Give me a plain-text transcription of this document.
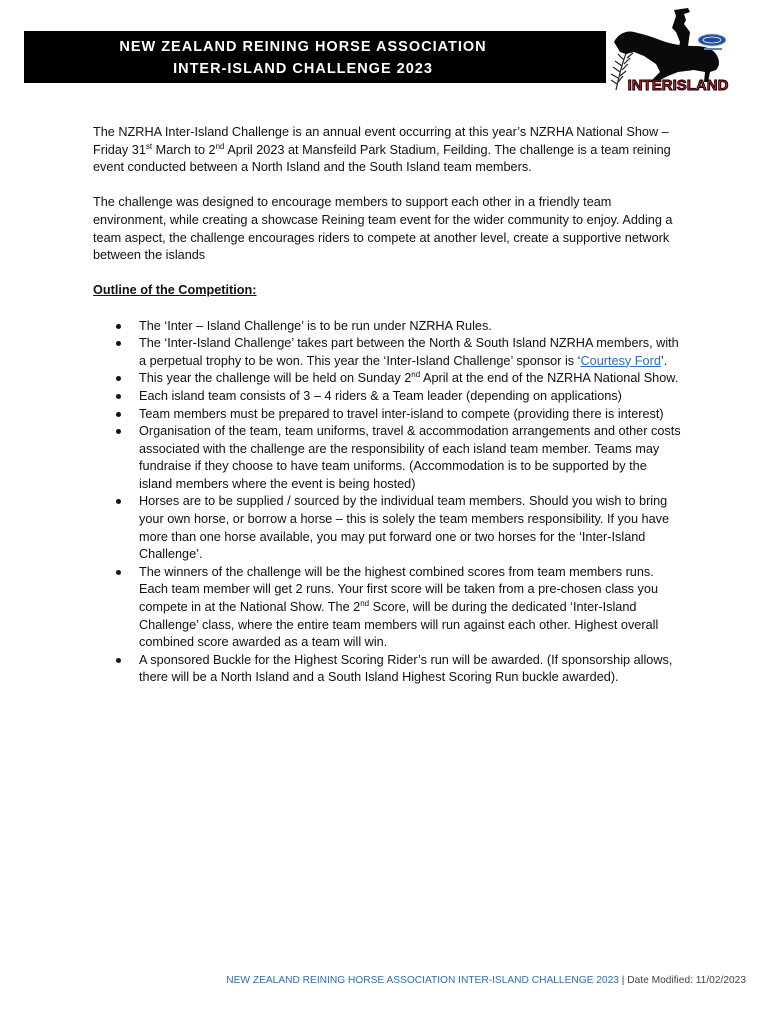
NEW ZEALAND REINING HORSE ASSOCIATION
INTER-ISLAND CHALLENGE 2023
INTERISLAND

The NZRHA Inter-Island Challenge is an annual event occurring at this year’s NZRHA National Show – Friday 31st March to 2nd April 2023 at Mansfeild Park Stadium, Feilding. The challenge is a team reining event conducted between a North Island and the South Island team members.

The challenge was designed to encourage members to support each other in a friendly team environment, while creating a showcase Reining team event for the wider community to enjoy. Adding a team aspect, the challenge encourages riders to compete at another level, create a supportive network between the islands

Outline of the Competition:
The ‘Inter – Island Challenge’ is to be run under NZRHA Rules.
The ‘Inter-Island Challenge’ takes part between the North & South Island NZRHA members, with a perpetual trophy to be won. This year the ‘Inter-Island Challenge’ sponsor is ‘Courtesy Ford’.
This year the challenge will be held on Sunday 2nd April at the end of the NZRHA National Show.
Each island team consists of 3 – 4 riders & a Team leader (depending on applications)
Team members must be prepared to travel inter-island to compete (providing there is interest)
Organisation of the team, team uniforms, travel & accommodation arrangements and other costs associated with the challenge are the responsibility of each island team member. Teams may fundraise if they choose to have team uniforms. (Accommodation is to be supported by the island members where the event is being hosted)
Horses are to be supplied / sourced by the individual team members. Should you wish to bring your own horse, or borrow a horse – this is solely the team members responsibility. If you have more than one horse available, you may put forward one or two horses for the ‘Inter-Island Challenge’.
The winners of the challenge will be the highest combined scores from team members runs. Each team member will get 2 runs. Your first score will be taken from a pre-chosen class you compete in at the National Show. The 2nd Score, will be during the dedicated ‘Inter-Island Challenge’ class, where the entire team members will run against each other. Highest overall combined score awarded as a team will win.
A sponsored Buckle for the Highest Scoring Rider’s run will be awarded. (If sponsorship allows, there will be a North Island and a South Island Highest Scoring Run buckle awarded).
NEW ZEALAND REINING HORSE ASSOCIATION INTER-ISLAND CHALLENGE 2023 | Date Modified: 11/02/2023
